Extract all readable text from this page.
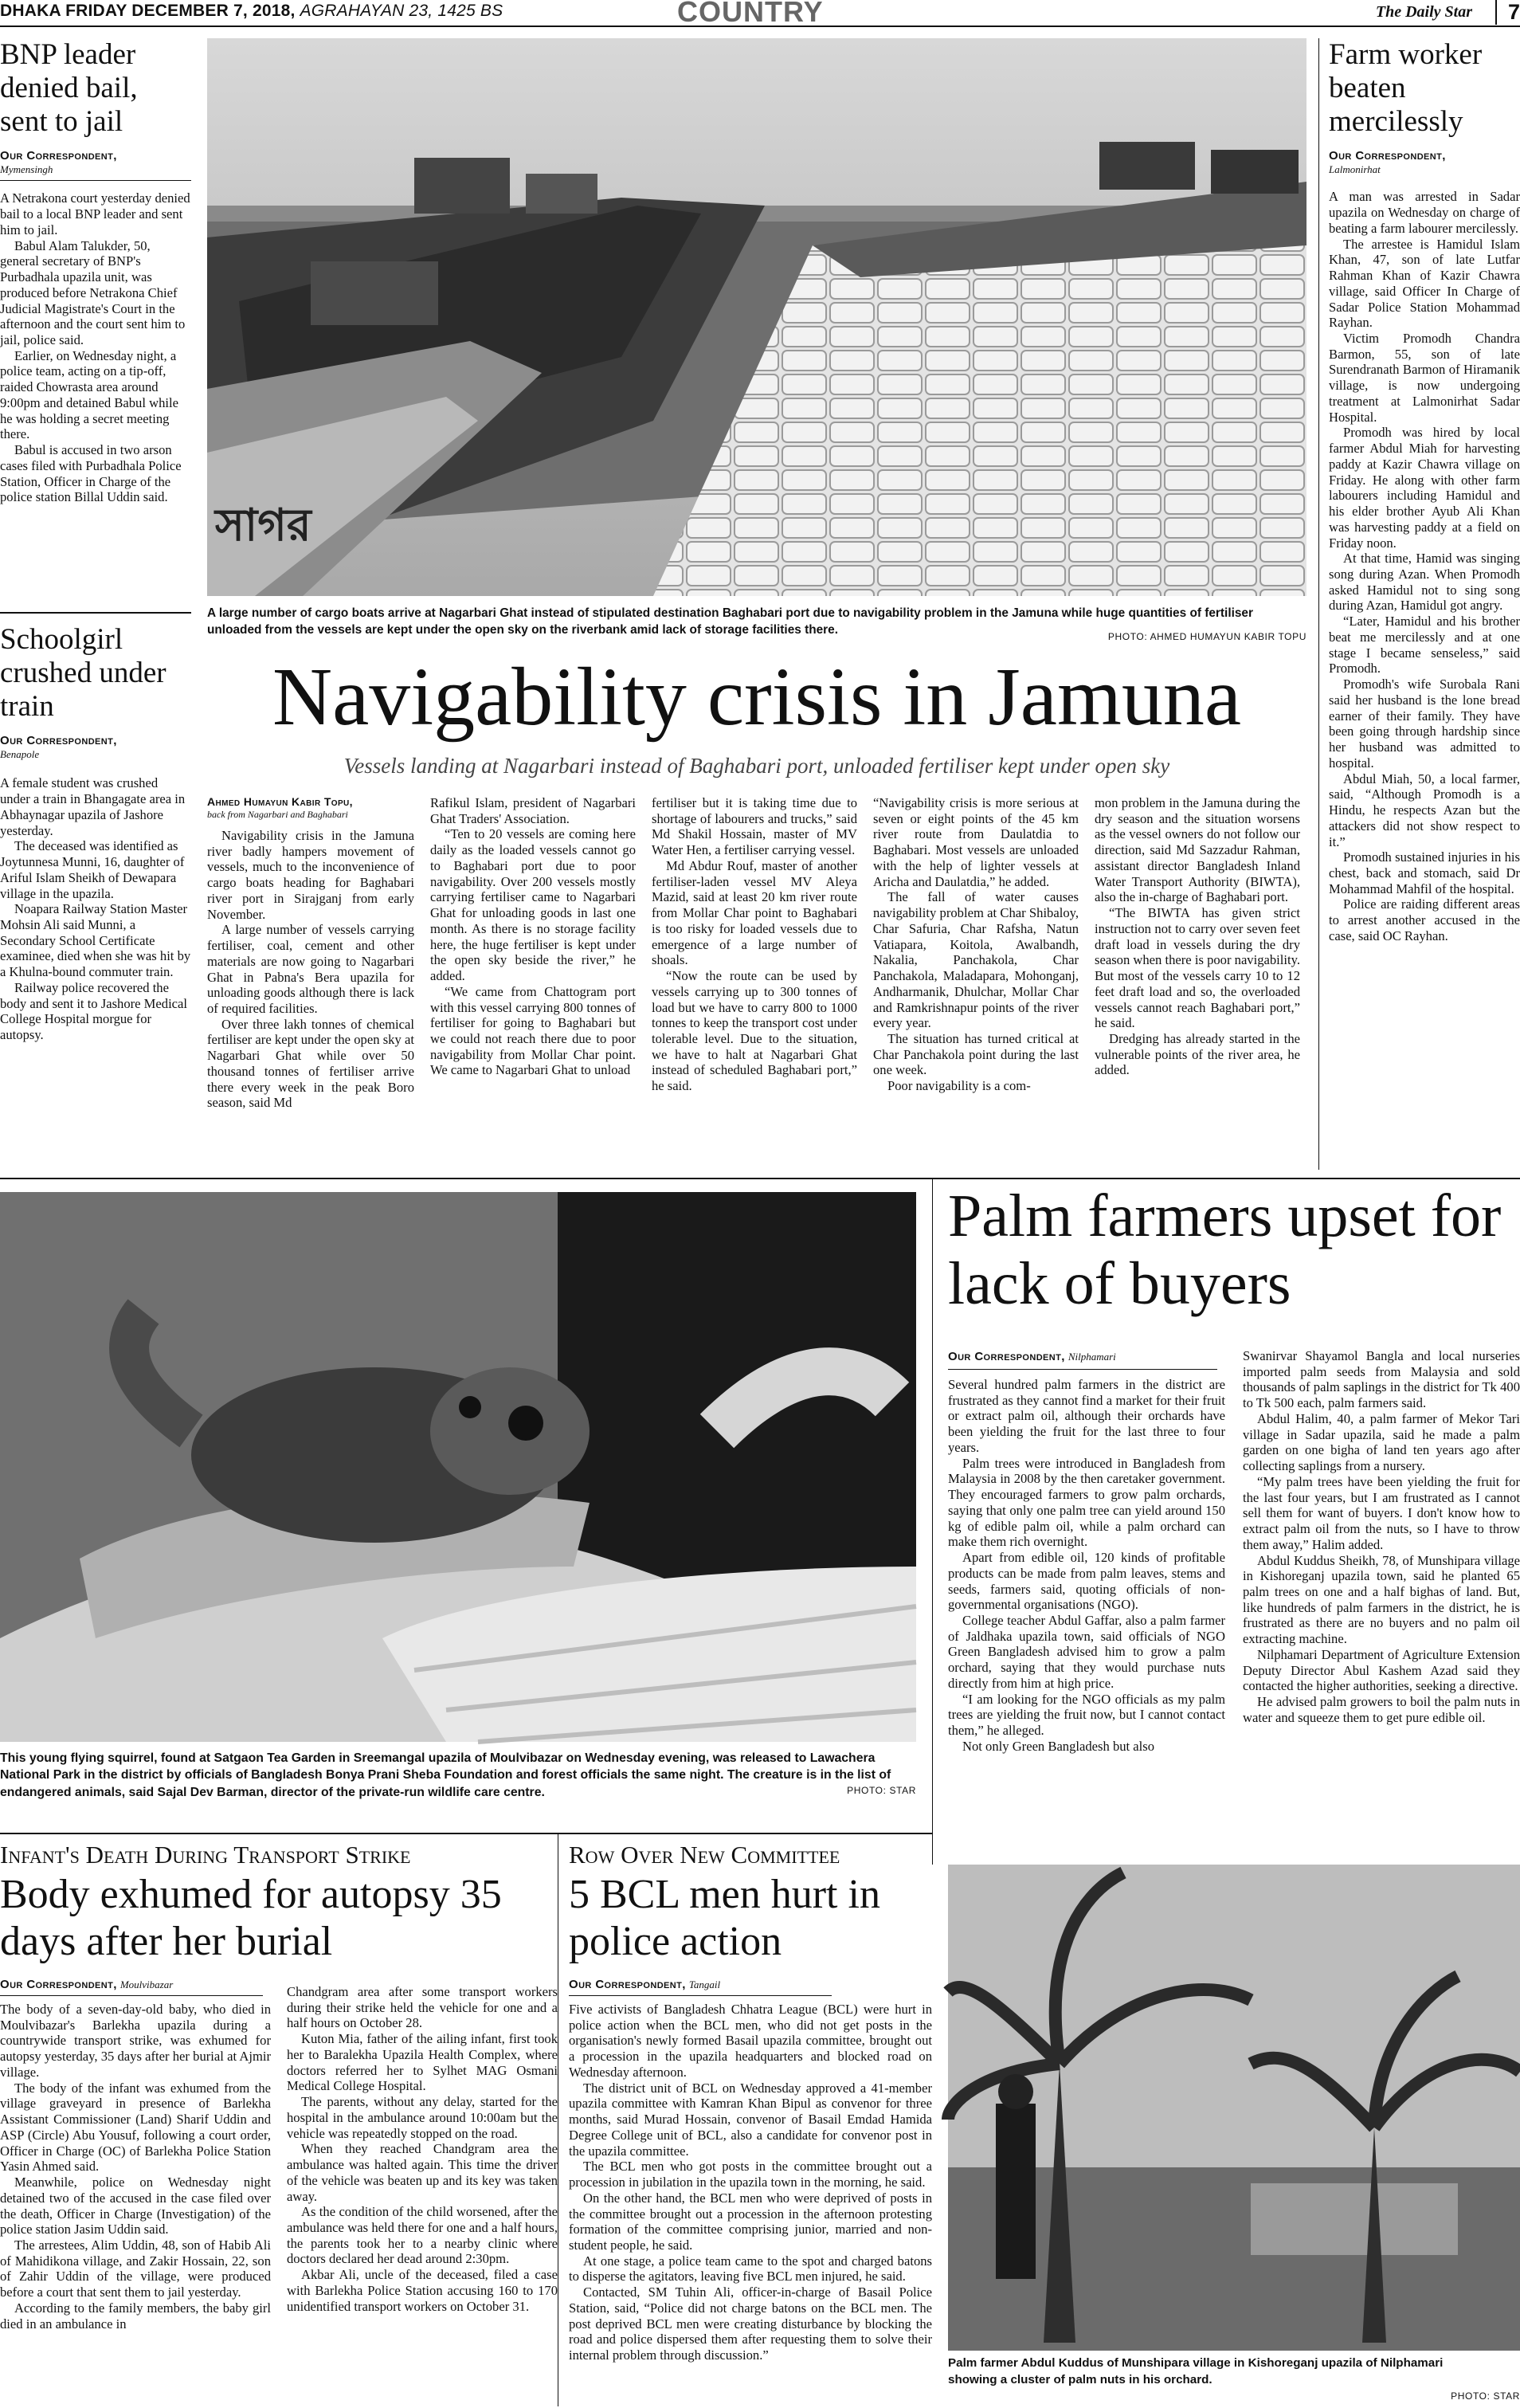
DHAKA FRIDAY DECEMBER 7, 2018, AGRAHAYAN 23, 1425 BS	COUNTRY	The Daily Star	7
BNP leader denied bail, sent to jail
Our Correspondent,
Mymensingh

A Netrakona court yesterday denied bail to a local BNP leader and sent him to jail.

Babul Alam Talukder, 50, general secretary of BNP's Purbadhala upazila unit, was produced before Netrakona Chief Judicial Magistrate's Court in the afternoon and the court sent him to jail, police said.

Earlier, on Wednesday night, a police team, acting on a tip-off, raided Chowrasta area around 9:00pm and detained Babul while he was holding a secret meeting there.

Babul is accused in two arson cases filed with Purbadhala Police Station, Officer in Charge of the police station Billal Uddin said.

Schoolgirl crushed under train
Our Correspondent,
Benapole

A female student was crushed under a train in Bhangagate area in Abhaynagar upazila of Jashore yesterday.

The deceased was identified as Joytunnesa Munni, 16, daughter of Ariful Islam Sheikh of Dewapara village in the upazila.

Noapara Railway Station Master Mohsin Ali said Munni, a Secondary School Certificate examinee, died when she was hit by a Khulna-bound commuter train.

Railway police recovered the body and sent it to Jashore Medical College Hospital morgue for autopsy.

সাগর
A large number of cargo boats arrive at Nagarbari Ghat instead of stipulated destination Baghabari port due to navigability problem in the Jamuna while huge quantities of fertiliser unloaded from the vessels are kept under the open sky on the riverbank amid lack of storage facilities there.
PHOTO: AHMED HUMAYUN KABIR TOPU
Navigability crisis in Jamuna
Vessels landing at Nagarbari instead of Baghabari port, unloaded fertiliser kept under open sky
Ahmed Humayun Kabir Topu,
back from Nagarbari and Baghabari

Navigability crisis in the Jamuna river badly hampers movement of vessels, much to the inconvenience of cargo boats heading for Baghabari river port in Sirajganj from early November.

A large number of vessels carrying fertiliser, coal, cement and other materials are now going to Nagarbari Ghat in Pabna's Bera upazila for unloading goods although there is lack of required facilities.

Over three lakh tonnes of chemical fertiliser are kept under the open sky at Nagarbari Ghat while over 50 thousand tonnes of fertiliser arrive there every week in the peak Boro season, said Md

Rafikul Islam, president of Nagarbari Ghat Traders' Association.

“Ten to 20 vessels are coming here daily as the loaded vessels cannot go to Baghabari port due to poor navigability. Over 200 vessels mostly carrying fertiliser came to Nagarbari Ghat for unloading goods in last one month. As there is no storage facility here, the huge fertiliser is kept under the open sky beside the river,” he added.

“We came from Chattogram port with this vessel carrying 800 tonnes of fertiliser for going to Baghabari but we could not reach there due to poor navigability from Mollar Char point. We came to Nagarbari Ghat to unload

fertiliser but it is taking time due to shortage of labourers and trucks,” said Md Shakil Hossain, master of MV Water Hen, a fertiliser carrying vessel.

Md Abdur Rouf, master of another fertiliser-laden vessel MV Aleya Mazid, said at least 20 km river route from Mollar Char point to Baghabari is too risky for loaded vessels due to emergence of a large number of shoals.

“Now the route can be used by vessels carrying up to 300 tonnes of load but we have to carry 800 to 1000 tonnes to keep the transport cost under tolerable level. Due to the situation, we have to halt at Nagarbari Ghat instead of scheduled Baghabari port,” he said.

“Navigability crisis is more serious at seven or eight points of the 45 km river route from Daulatdia to Baghabari. Most vessels are unloaded with the help of lighter vessels at Aricha and Daulatdia,” he added.

The fall of water causes navigability problem at Char Shibaloy, Char Safuria, Char Rafsha, Natun Vatiapara, Koitola, Awalbandh, Nakalia, Panchakola, Char Panchakola, Maladapara, Mohonganj, Andharmanik, Dhulchar, Mollar Char and Ramkrishnapur points of the river every year.

The situation has turned critical at Char Panchakola point during the last one week.

Poor navigability is a com-

mon problem in the Jamuna during the dry season and the situation worsens as the vessel owners do not follow our direction, said Md Sazzadur Rahman, assistant director Bangladesh Inland Water Transport Authority (BIWTA), also the in-charge of Baghabari port.

“The BIWTA has given strict instruction not to carry over seven feet draft load in vessels during the dry season when there is poor navigability. But most of the vessels carry 10 to 12 feet draft load and so, the overloaded vessels cannot reach Baghabari port,” he said.

Dredging has already started in the vulnerable points of the river area, he added.

Farm worker beaten mercilessly
Our Correspondent,
Lalmonirhat

A man was arrested in Sadar upazila on Wednesday on charge of beating a farm labourer mercilessly.

The arrestee is Hamidul Islam Khan, 47, son of late Lutfar Rahman Khan of Kazir Chawra village, said Officer In Charge of Sadar Police Station Mohammad Rayhan.

Victim Promodh Chandra Barmon, 55, son of late Surendranath Barmon of Hiramanik village, is now undergoing treatment at Lalmonirhat Sadar Hospital.

Promodh was hired by local farmer Abdul Miah for harvesting paddy at Kazir Chawra village on Friday. He along with other farm labourers including Hamidul and his elder brother Ayub Ali Khan was harvesting paddy at a field on Friday noon.

At that time, Hamid was singing song during Azan. When Promodh asked Hamidul not to sing song during Azan, Hamidul got angry.

“Later, Hamidul and his brother beat me mercilessly and at one stage I became senseless,” said Promodh.

Promodh's wife Surobala Rani said her husband is the lone bread earner of their family. They have been going through hardship since her husband was admitted to hospital.

Abdul Miah, 50, a local farmer, said, “Although Promodh is a Hindu, he respects Azan but the attackers did not show respect to it.”

Promodh sustained injuries in his chest, back and stomach, said Dr Mohammad Mahfil of the hospital.

Police are raiding different areas to arrest another accused in the case, said OC Rayhan.

This young flying squirrel, found at Satgaon Tea Garden in Sreemangal upazila of Moulvibazar on Wednesday evening, was released to Lawachera National Park in the district by officials of Bangladesh Bonya Prani Sheba Foundation and forest officials the same night. The creature is in the list of endangered animals, said Sajal Dev Barman, director of the private-run wildlife care centre.	PHOTO: STAR
Palm farmers upset for lack of buyers
Our Correspondent, Nilphamari

Several hundred palm farmers in the district are frustrated as they cannot find a market for their fruit or extract palm oil, although their orchards have been yielding the fruit for the last three to four years.

Palm trees were introduced in Bangladesh from Malaysia in 2008 by the then caretaker government. They encouraged farmers to grow palm orchards, saying that only one palm tree can yield around 150 kg of edible palm oil, while a palm orchard can make them rich overnight.

Apart from edible oil, 120 kinds of profitable products can be made from palm leaves, stems and seeds, farmers said, quoting officials of non-governmental organisations (NGO).

College teacher Abdul Gaffar, also a palm farmer of Jaldhaka upazila town, said officials of NGO Green Bangladesh advised him to grow a palm orchard, saying that they would purchase nuts directly from him at high price.

“I am looking for the NGO officials as my palm trees are yielding the fruit now, but I cannot contact them,” he alleged.

Not only Green Bangladesh but also

Swanirvar Shayamol Bangla and local nurseries imported palm seeds from Malaysia and sold thousands of palm saplings in the district for Tk 400 to Tk 500 each, palm farmers said.

Abdul Halim, 40, a palm farmer of Mekor Tari village in Sadar upazila, said he made a palm garden on one bigha of land ten years ago after collecting saplings from a nursery.

“My palm trees have been yielding the fruit for the last four years, but I am frustrated as I cannot sell them for want of buyers. I don't know how to extract palm oil from the nuts, so I have to throw them away,” Halim added.

Abdul Kuddus Sheikh, 78, of Munshipara village in Kishoreganj upazila town, said he planted 65 palm trees on one and a half bighas of land. But, like hundreds of palm farmers in the district, he is frustrated as there are no buyers and no palm oil extracting machine.

Nilphamari Department of Agriculture Extension Deputy Director Abul Kashem Azad said they contacted the higher authorities, seeking a directive.

He advised palm growers to boil the palm nuts in water and squeeze them to get pure edible oil.

Infant's Death During Transport Strike
Body exhumed for autopsy 35 days after her burial
Our Correspondent, Moulvibazar

The body of a seven-day-old baby, who died in Moulvibazar's Barlekha upazila during a countrywide transport strike, was exhumed for autopsy yesterday, 35 days after her burial at Ajmir village.

The body of the infant was exhumed from the village graveyard in presence of Barlekha Assistant Commissioner (Land) Sharif Uddin and ASP (Circle) Abu Yousuf, following a court order, Officer in Charge (OC) of Barlekha Police Station Yasin Ahmed said.

Meanwhile, police on Wednesday night detained two of the accused in the case filed over the death, Officer in Charge (Investigation) of the police station Jasim Uddin said.

The arrestees, Alim Uddin, 48, son of Habib Ali of Mahidikona village, and Zakir Hossain, 22, son of Zahir Uddin of the village, were produced before a court that sent them to jail yesterday.

According to the family members, the baby girl died in an ambulance in

Chandgram area after some transport workers during their strike held the vehicle for one and a half hours on October 28.

Kuton Mia, father of the ailing infant, first took her to Baralekha Upazila Health Complex, where doctors referred her to Sylhet MAG Osmani Medical College Hospital.

The parents, without any delay, started for the hospital in the ambulance around 10:00am but the vehicle was repeatedly stopped on the road.

When they reached Chandgram area the ambulance was halted again. This time the driver of the vehicle was beaten up and its key was taken away.

As the condition of the child worsened, after the ambulance was held there for one and a half hours, the parents took her to a nearby clinic where doctors declared her dead around 2:30pm.

Akbar Ali, uncle of the deceased, filed a case with Barlekha Police Station accusing 160 to 170 unidentified transport workers on October 31.

Row Over New Committee
5 BCL men hurt in police action
Our Correspondent, Tangail

Five activists of Bangladesh Chhatra League (BCL) were hurt in police action when the BCL men, who did not get posts in the organisation's newly formed Basail upazila committee, brought out a procession in the upazila headquarters and blocked road on Wednesday afternoon.

The district unit of BCL on Wednesday approved a 41-member upazila committee with Kamran Khan Bipul as convenor for three months, said Murad Hossain, convenor of Basail Emdad Hamida Degree College unit of BCL, also a candidate for convenor post in the upazila committee.

The BCL men who got posts in the committee brought out a procession in jubilation in the upazila town in the morning, he said.

On the other hand, the BCL men who were deprived of posts in the committee brought out a procession in the afternoon protesting formation of the committee comprising junior, married and non-student people, he said.

At one stage, a police team came to the spot and charged batons to disperse the agitators, leaving five BCL men injured, he said.

Contacted, SM Tuhin Ali, officer-in-charge of Basail Police Station, said, “Police did not charge batons on the BCL men. The post deprived BCL men were creating disturbance by blocking the road and police dispersed them after requesting them to solve their internal problem through discussion.”

Palm farmer Abdul Kuddus of Munshipara village in Kishoreganj upazila of Nilphamari showing a cluster of palm nuts in his orchard.
PHOTO: STAR
